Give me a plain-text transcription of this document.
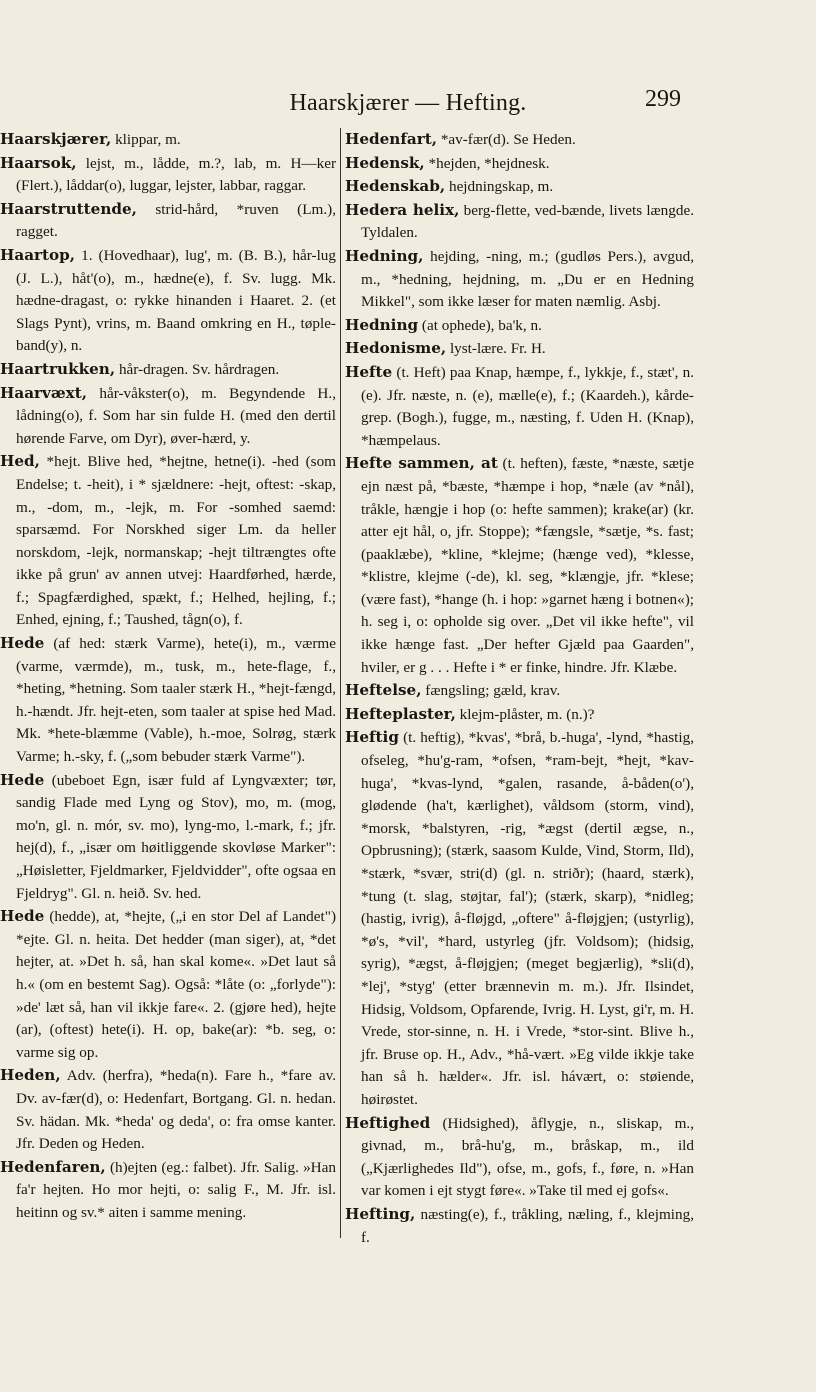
Haarskjærer — Hefting.	299

Haarskjærer, klippar, m.

Haarsok, lejst, m., lådde, m.?, lab, m. H—ker (Flert.), låddar(o), luggar, lejster, labbar, raggar.

Haarstruttende, strid-hård, *ruven (Lm.), ragget.

Haartop, 1. (Hovedhaar), lug', m. (B. B.), hår-lug (J. L.), håt'(o), m., hædne(e), f. Sv. lugg. Mk. hædne-dragast, o: rykke hinanden i Haaret. 2. (et Slags Pynt), vrins, m. Baand omkring en H., tøple-band(y), n.

Haartrukken, hår-dragen. Sv. hårdragen.

Haarvæxt, hår-våkster(o), m. Begyndende H., lådning(o), f. Som har sin fulde H. (med den dertil hørende Farve, om Dyr), øver-hærd, y.

Hed, *hejt. Blive hed, *hejtne, hetne(i). -hed (som Endelse; t. -heit), i * sjældnere: -hejt, oftest: -skap, m., -dom, m., -lejk, m. For -somhed saemd: sparsæmd. For Norskhed siger Lm. da heller norskdom, -lejk, normanskap; -hejt tiltrængtes ofte ikke på grun' av annen utvej: Haardførhed, hærde, f.; Spagfærdighed, spækt, f.; Helhed, hejling, f.; Enhed, ejning, f.; Taushed, tågn(o), f.

Hede (af hed: stærk Varme), hete(i), m., værme (varme, værmde), m., tusk, m., hete-flage, f., *heting, *hetning. Som taaler stærk H., *hejt-fængd, h.-hændt. Jfr. hejt-eten, som taaler at spise hed Mad. Mk. *hete-blæmme (Vable), h.-moe, Solrøg, stærk Varme; h.-sky, f. („som bebuder stærk Varme").

Hede (ubeboet Egn, især fuld af Lyngvæxter; tør, sandig Flade med Lyng og Stov), mo, m. (mog, mo'n, gl. n. mór, sv. mo), lyng-mo, l.-mark, f.; jfr. hej(d), f., „især om høitliggende skovløse Marker": „Høisletter, Fjeldmarker, Fjeldvidder", ofte ogsaa en Fjeldryg". Gl. n. heið. Sv. hed.

Hede (hedde), at, *hejte, („i en stor Del af Landet") *ejte. Gl. n. heita. Det hedder (man siger), at, *det hejter, at. »Det h. så, han skal kome«. »Det laut så h.« (om en bestemt Sag). Også: *låte (o: „forlyde"): »de' læt så, han vil ikkje fare«. 2. (gjøre hed), hejte (ar), (oftest) hete(i). H. op, bake(ar): *b. seg, o: varme sig op.

Heden, Adv. (herfra), *heda(n). Fare h., *fare av. Dv. av-fær(d), o: Hedenfart, Bortgang. Gl. n. hedan. Sv. hädan. Mk. *heda' og deda', o: fra omse kanter. Jfr. Deden og Heden.

Hedenfaren, (h)ejten (eg.: falbet). Jfr. Salig. »Han fa'r hejten. Ho mor hejti, o: salig F., M. Jfr. isl. heitinn og sv.* aiten i samme mening.

Hedenfart, *av-fær(d). Se Heden.

Hedensk, *hejden, *hejdnesk.

Hedenskab, hejdningskap, m.

Hedera helix, berg-flette, ved-bænde, livets længde. Tyldalen.

Hedning, hejding, -ning, m.; (gudløs Pers.), avgud, m., *hedning, hejdning, m. „Du er en Hedning Mikkel", som ikke læser for maten næmlig. Asbj.

Hedning (at ophede), ba'k, n.

Hedonisme, lyst-lære. Fr. H.

Hefte (t. Heft) paa Knap, hæmpe, f., lykkje, f., stæt', n. (e). Jfr. næste, n. (e), mælle(e), f.; (Kaardeh.), kårde-grep. (Bogh.), fugge, m., næsting, f. Uden H. (Knap), *hæmpelaus.

Hefte sammen, at (t. heften), fæste, *næste, sætje ejn næst på, *bæste, *hæmpe i hop, *næle (av *nål), tråkle, hængje i hop (o: hefte sammen); krake(ar) (kr. atter ejt hål, o, jfr. Stoppe); *fængsle, *sætje, *s. fast; (paaklæbe), *kline, *klejme; (hænge ved), *klesse, *klistre, klejme (-de), kl. seg, *klængje, jfr. *klese; (være fast), *hange (h. i hop: »garnet hæng i botnen«); h. seg i, o: opholde sig over. „Det vil ikke hefte", vil ikke hænge fast. „Der hefter Gjæld paa Gaarden", hviler, er g . . . Hefte i * er finke, hindre. Jfr. Klæbe.

Heftelse, fængsling; gæld, krav.

Hefteplaster, klejm-plåster, m. (n.)?

Heftig (t. heftig), *kvas', *brå, b.-huga', -lynd, *hastig, ofseleg, *hu'g-ram, *ofsen, *ram-bejt, *hejt, *kav-huga', *kvas-lynd, *galen, rasande, å-båden(o'), glødende (ha't, kærlighet), våldsom (storm, vind), *morsk, *balstyren, -rig, *ægst (dertil ægse, n., Opbrusning); (stærk, saasom Kulde, Vind, Storm, Ild), *stærk, *svær, stri(d) (gl. n. striðr); (haard, stærk), *tung (t. slag, støjtar, fal'); (stærk, skarp), *nidleg; (hastig, ivrig), å-fløjgd, „oftere" å-fløjgjen; (ustyrlig), *ø's, *vil', *hard, ustyrleg (jfr. Voldsom); (hidsig, syrig), *ægst, å-fløjgjen; (meget begjærlig), *sli(d), *lej', *styg' (etter brænnevin m. m.). Jfr. Ilsindet, Hidsig, Voldsom, Opfarende, Ivrig. H. Lyst, gi'r, m. H. Vrede, stor-sinne, n. H. i Vrede, *stor-sint. Blive h., jfr. Bruse op. H., Adv., *hå-vært. »Eg vilde ikkje take han så h. hælder«. Jfr. isl. hávært, o: støiende, høirøstet.

Heftighed (Hidsighed), åflygje, n., sliskap, m., givnad, m., brå-hu'g, m., bråskap, m., ild („Kjærlighedes Ild"), ofse, m., gofs, f., føre, n. »Han var komen i ejt stygt føre«. »Take til med ej gofs«.

Hefting, næsting(e), f., tråkling, næling, f., klejming, f.
